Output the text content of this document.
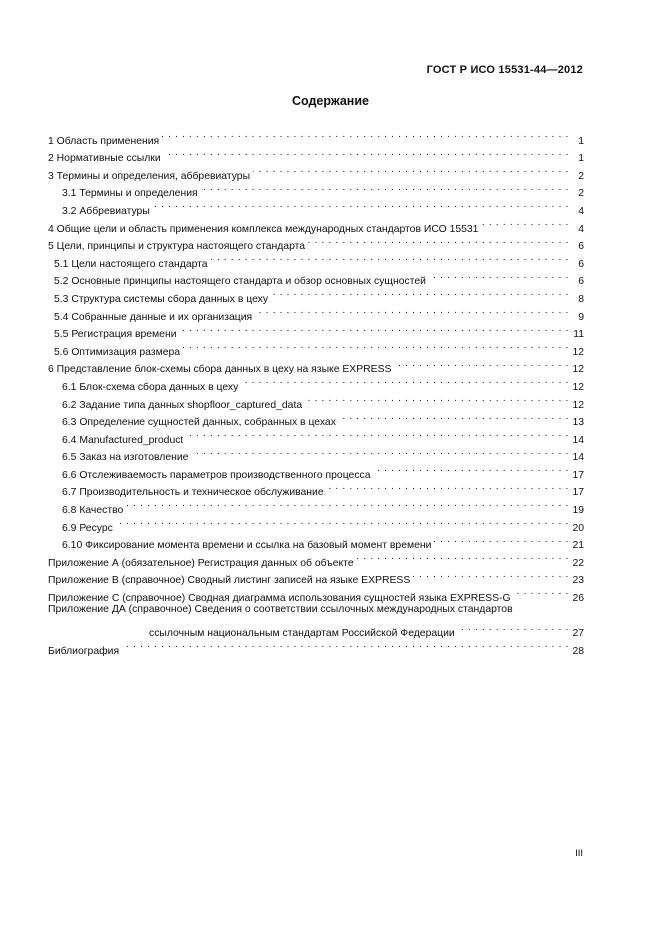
ГОСТ Р ИСО 15531-44—2012
Содержание
1 Область применения . . .	1
2 Нормативные ссылки . . .	1
3 Термины и определения, аббревиатуры . . .	2
3.1 Термины и определения . . .	2
3.2 Аббревиатуры . . .	4
4 Общие цели и область применения комплекса международных стандартов ИСО 15531 . . .	4
5 Цели, принципы и структура настоящего стандарта . . .	6
5.1 Цели настоящего стандарта . . .	6
5.2 Основные принципы настоящего стандарта и обзор основных сущностей . . .	6
5.3 Структура системы сбора данных в цеху . . .	8
5.4 Собранные данные и их организация . . .	9
5.5 Регистрация времени . . .	11
5.6 Оптимизация размера . . .	12
6 Представление блок-схемы сбора данных в цеху на языке EXPRESS . . .	12
6.1 Блок-схема сбора данных в цеху . . .	12
6.2 Задание типа данных shopfloor_captured_data . . .	12
6.3 Определение сущностей данных, собранных в цехах . . .	13
6.4 Manufactured_product . . .	14
6.5 Заказ на изготовление . . .	14
6.6 Отслеживаемость параметров производственного процесса . . .	17
6.7 Производительность и техническое обслуживание . . .	17
6.8 Качество . . .	19
6.9 Ресурс . . .	20
6.10 Фиксирование момента времени и ссылка на базовый момент времени . . .	21
Приложение А (обязательное) Регистрация данных об объекте . . .	22
Приложение В (справочное) Сводный листинг записей на языке EXPRESS . . .	23
Приложение С (справочное) Сводная диаграмма использования сущностей языка EXPRESS-G . . .	26
Приложение ДА (справочное) Сведения о соответствии ссылочных международных стандартов
ссылочным национальным стандартам Российской Федерации . . .	27
Библиография . . .	28
III
